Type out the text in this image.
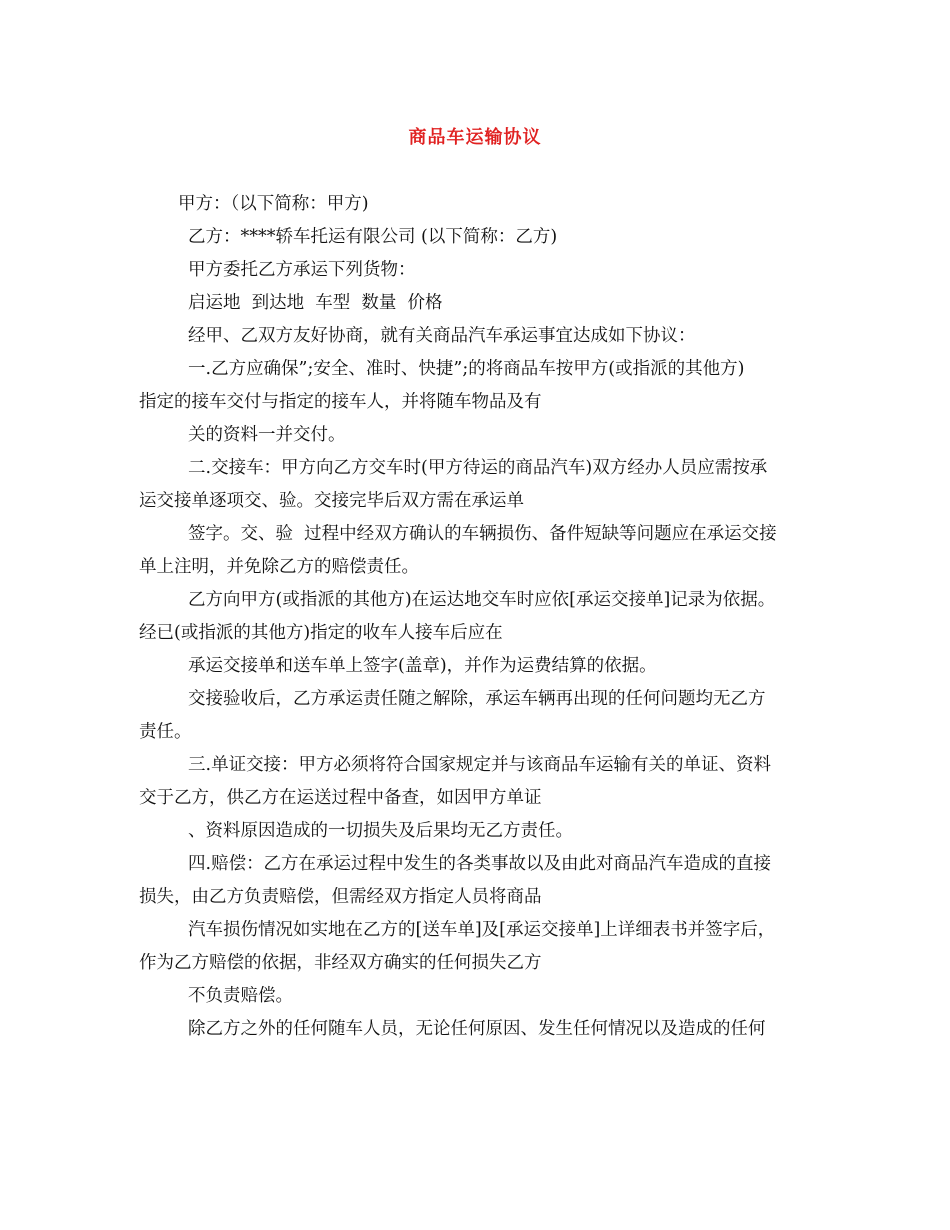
商品车运输协议
甲方：（以下简称：甲方)
乙方：****轿车托运有限公司 (以下简称：乙方)
甲方委托乙方承运下列货物：
启运地  到达地  车型  数量  价格
经甲、乙双方友好协商，就有关商品汽车承运事宜达成如下协议：
一.乙方应确保”;安全、准时、快捷”;的将商品车按甲方(或指派的其他方)
指定的接车交付与指定的接车人，并将随车物品及有
关的资料一并交付。
二.交接车：甲方向乙方交车时(甲方待运的商品汽车)双方经办人员应需按承
运交接单逐项交、验。交接完毕后双方需在承运单
签字。交、验  过程中经双方确认的车辆损伤、备件短缺等问题应在承运交接
单上注明，并免除乙方的赔偿责任。
乙方向甲方(或指派的其他方)在运达地交车时应依[承运交接单]记录为依据。
经已(或指派的其他方)指定的收车人接车后应在
承运交接单和送车单上签字(盖章)，并作为运费结算的依据。
交接验收后，乙方承运责任随之解除，承运车辆再出现的任何问题均无乙方
责任。
三.单证交接：甲方必须将符合国家规定并与该商品车运输有关的单证、资料
交于乙方，供乙方在运送过程中备查，如因甲方单证
、资料原因造成的一切损失及后果均无乙方责任。
四.赔偿：乙方在承运过程中发生的各类事故以及由此对商品汽车造成的直接
损失，由乙方负责赔偿，但需经双方指定人员将商品
汽车损伤情况如实地在乙方的[送车单]及[承运交接单]上详细表书并签字后，
作为乙方赔偿的依据，非经双方确实的任何损失乙方
不负责赔偿。
除乙方之外的任何随车人员，无论任何原因、发生任何情况以及造成的任何
